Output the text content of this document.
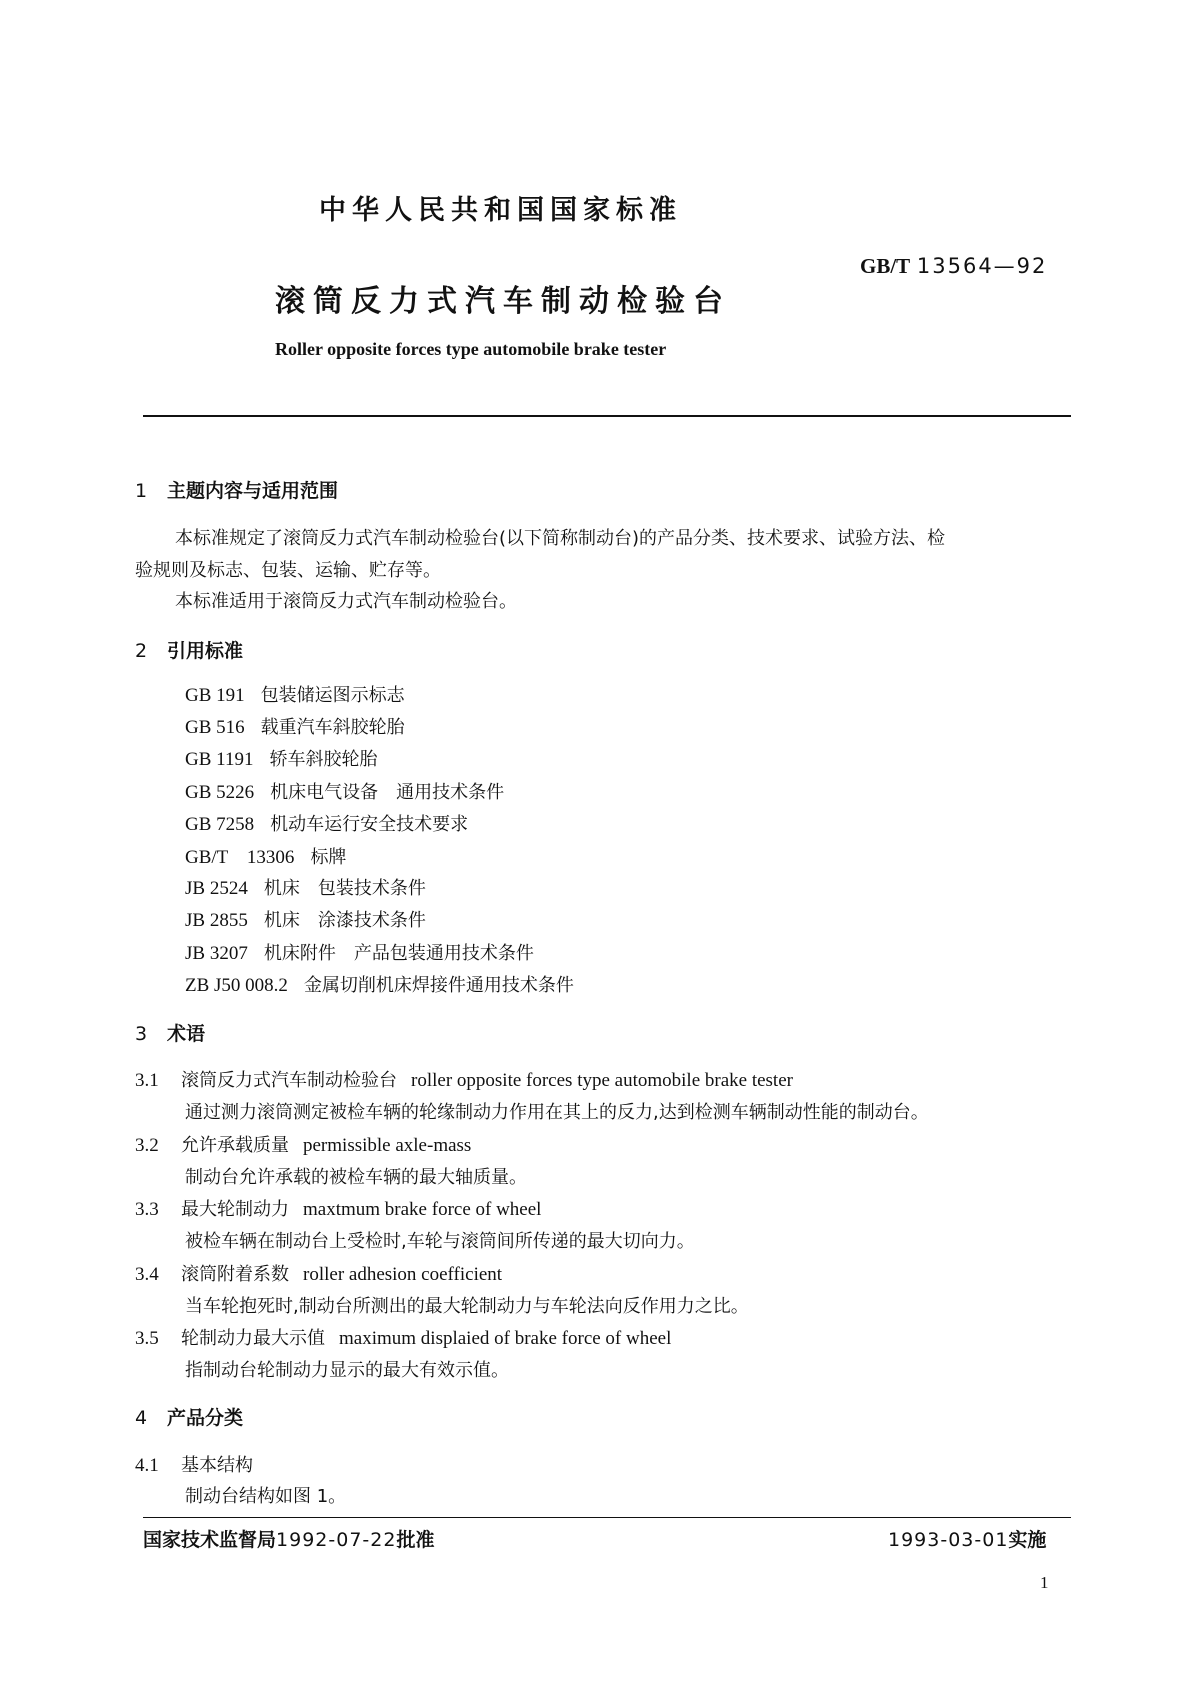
中华人民共和国国家标准
GB/T 13564—92
滚筒反力式汽车制动检验台
Roller opposite forces type automobile brake tester
1 主题内容与适用范围
本标准规定了滚筒反力式汽车制动检验台(以下简称制动台)的产品分类、技术要求、试验方法、检
验规则及标志、包装、运输、贮存等。
本标准适用于滚筒反力式汽车制动检验台。
2 引用标准
GB 191 包装储运图示标志
GB 516 载重汽车斜胶轮胎
GB 1191 轿车斜胶轮胎
GB 5226 机床电气设备　通用技术条件
GB 7258 机动车运行安全技术要求
GB/T　13306 标牌
JB 2524 机床　包装技术条件
JB 2855 机床　涂漆技术条件
JB 3207 机床附件　产品包装通用技术条件
ZB J50 008.2 金属切削机床焊接件通用技术条件
3 术语
3.1 滚筒反力式汽车制动检验台 roller opposite forces type automobile brake tester
通过测力滚筒测定被检车辆的轮缘制动力作用在其上的反力,达到检测车辆制动性能的制动台。
3.2 允许承载质量 permissible axle-mass
制动台允许承载的被检车辆的最大轴质量。
3.3 最大轮制动力 maxtmum brake force of wheel
被检车辆在制动台上受检时,车轮与滚筒间所传递的最大切向力。
3.4 滚筒附着系数 roller adhesion coefficient
当车轮抱死时,制动台所测出的最大轮制动力与车轮法向反作用力之比。
3.5 轮制动力最大示值 maximum displaied of brake force of wheel
指制动台轮制动力显示的最大有效示值。
4 产品分类
4.1 基本结构
制动台结构如图 1。
国家技术监督局1992-07-22批准	1993-03-01实施
1
